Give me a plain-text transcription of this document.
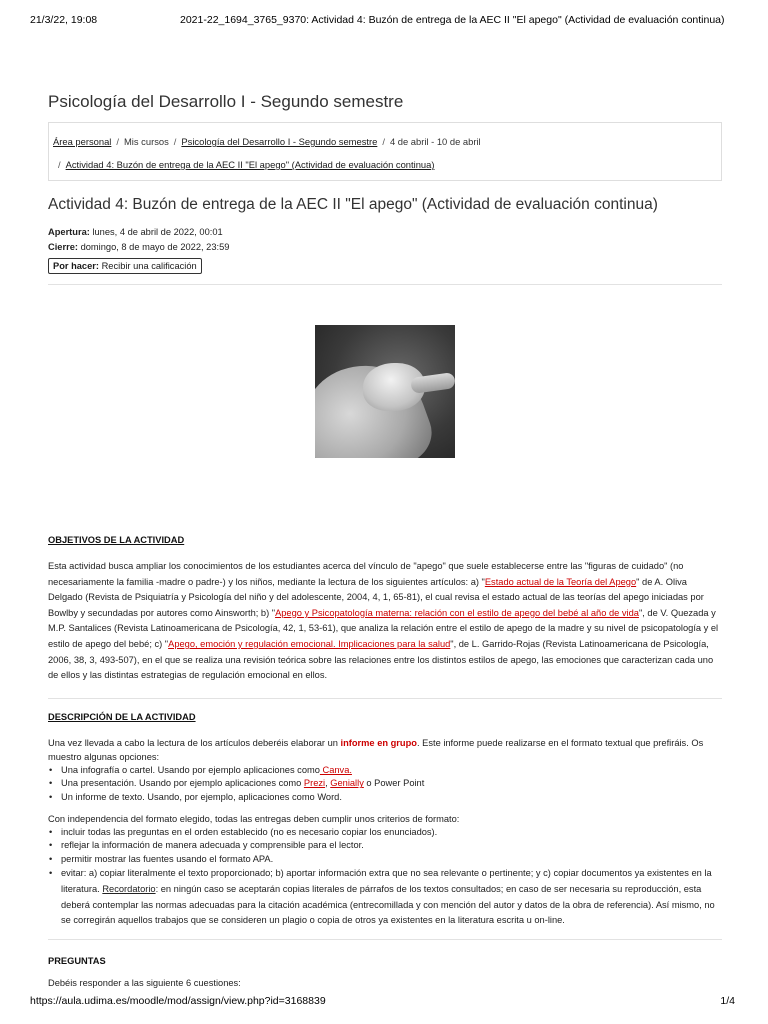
21/3/22, 19:08	2021-22_1694_3765_9370: Actividad 4: Buzón de entrega de la AEC II "El apego" (Actividad de evaluación continua)
Psicología del Desarrollo I - Segundo semestre
Área personal / Mis cursos / Psicología del Desarrollo I - Segundo semestre / 4 de abril - 10 de abril
/ Actividad 4: Buzón de entrega de la AEC II "El apego" (Actividad de evaluación continua)
Actividad 4: Buzón de entrega de la AEC II "El apego" (Actividad de evaluación continua)
Apertura: lunes, 4 de abril de 2022, 00:01
Cierre: domingo, 8 de mayo de 2022, 23:59
Por hacer: Recibir una calificación
OBJETIVOS DE LA ACTIVIDAD

Esta actividad busca ampliar los conocimientos de los estudiantes acerca del vínculo de "apego" que suele establecerse entre las "figuras de cuidado" (no necesariamente la familia -madre o padre-) y los niños, mediante la lectura de los siguientes artículos: a) "Estado actual de la Teoría del Apego" de A. Oliva Delgado (Revista de Psiquiatría y Psicología del niño y del adolescente, 2004, 4, 1, 65-81), el cual revisa el estado actual de las teorías del apego iniciadas por Bowlby y secundadas por autores como Ainsworth; b) "Apego y Psicopatología materna: relación con el estilo de apego del bebé al año de vida", de V. Quezada y M.P. Santalices (Revista Latinoamericana de Psicología, 42, 1, 53-61), que analiza la relación entre el estilo de apego de la madre y su nivel de psicopatología y el estilo de apego del bebé; c) "Apego, emoción y regulación emocional. Implicaciones para la salud", de L. Garrido-Rojas (Revista Latinoamericana de Psicología, 2006, 38, 3, 493-507), en el que se realiza una revisión teórica sobre las relaciones entre los distintos estilos de apego, las emociones que caracterizan cada uno de ellos y las distintas estrategias de regulación emocional en ellos.

DESCRIPCIÓN DE LA ACTIVIDAD

Una vez llevada a cabo la lectura de los artículos deberéis elaborar un informe en grupo. Este informe puede realizarse en el formato textual que prefiráis. Os muestro algunas opciones:

• Una infografía o cartel. Usando por ejemplo aplicaciones como Canva.
• Una presentación. Usando por ejemplo aplicaciones como Prezi, Genially o Power Point
• Un informe de texto. Usando, por ejemplo, aplicaciones como Word.

Con independencia del formato elegido, todas las entregas deben cumplir unos criterios de formato:

• incluir todas las preguntas en el orden establecido (no es necesario copiar los enunciados).
• reflejar la información de manera adecuada y comprensible para el lector.
• permitir mostrar las fuentes usando el formato APA.
• evitar: a) copiar literalmente el texto proporcionado; b) aportar información extra que no sea relevante o pertinente; y c) copiar documentos ya existentes en la literatura. Recordatorio: en ningún caso se aceptarán copias literales de párrafos de los textos consultados; en caso de ser necesaria su reproducción, esta deberá contemplar las normas adecuadas para la citación académica (entrecomillada y con mención del autor y datos de la obra de referencia). Así mismo, no se corregirán aquellos trabajos que se consideren un plagio o copia de otros ya existentes en la literatura escrita u on-line.
PREGUNTAS

Debéis responder a las siguiente 6 cuestiones:

https://aula.udima.es/moodle/mod/assign/view.php?id=3168839	1/4
